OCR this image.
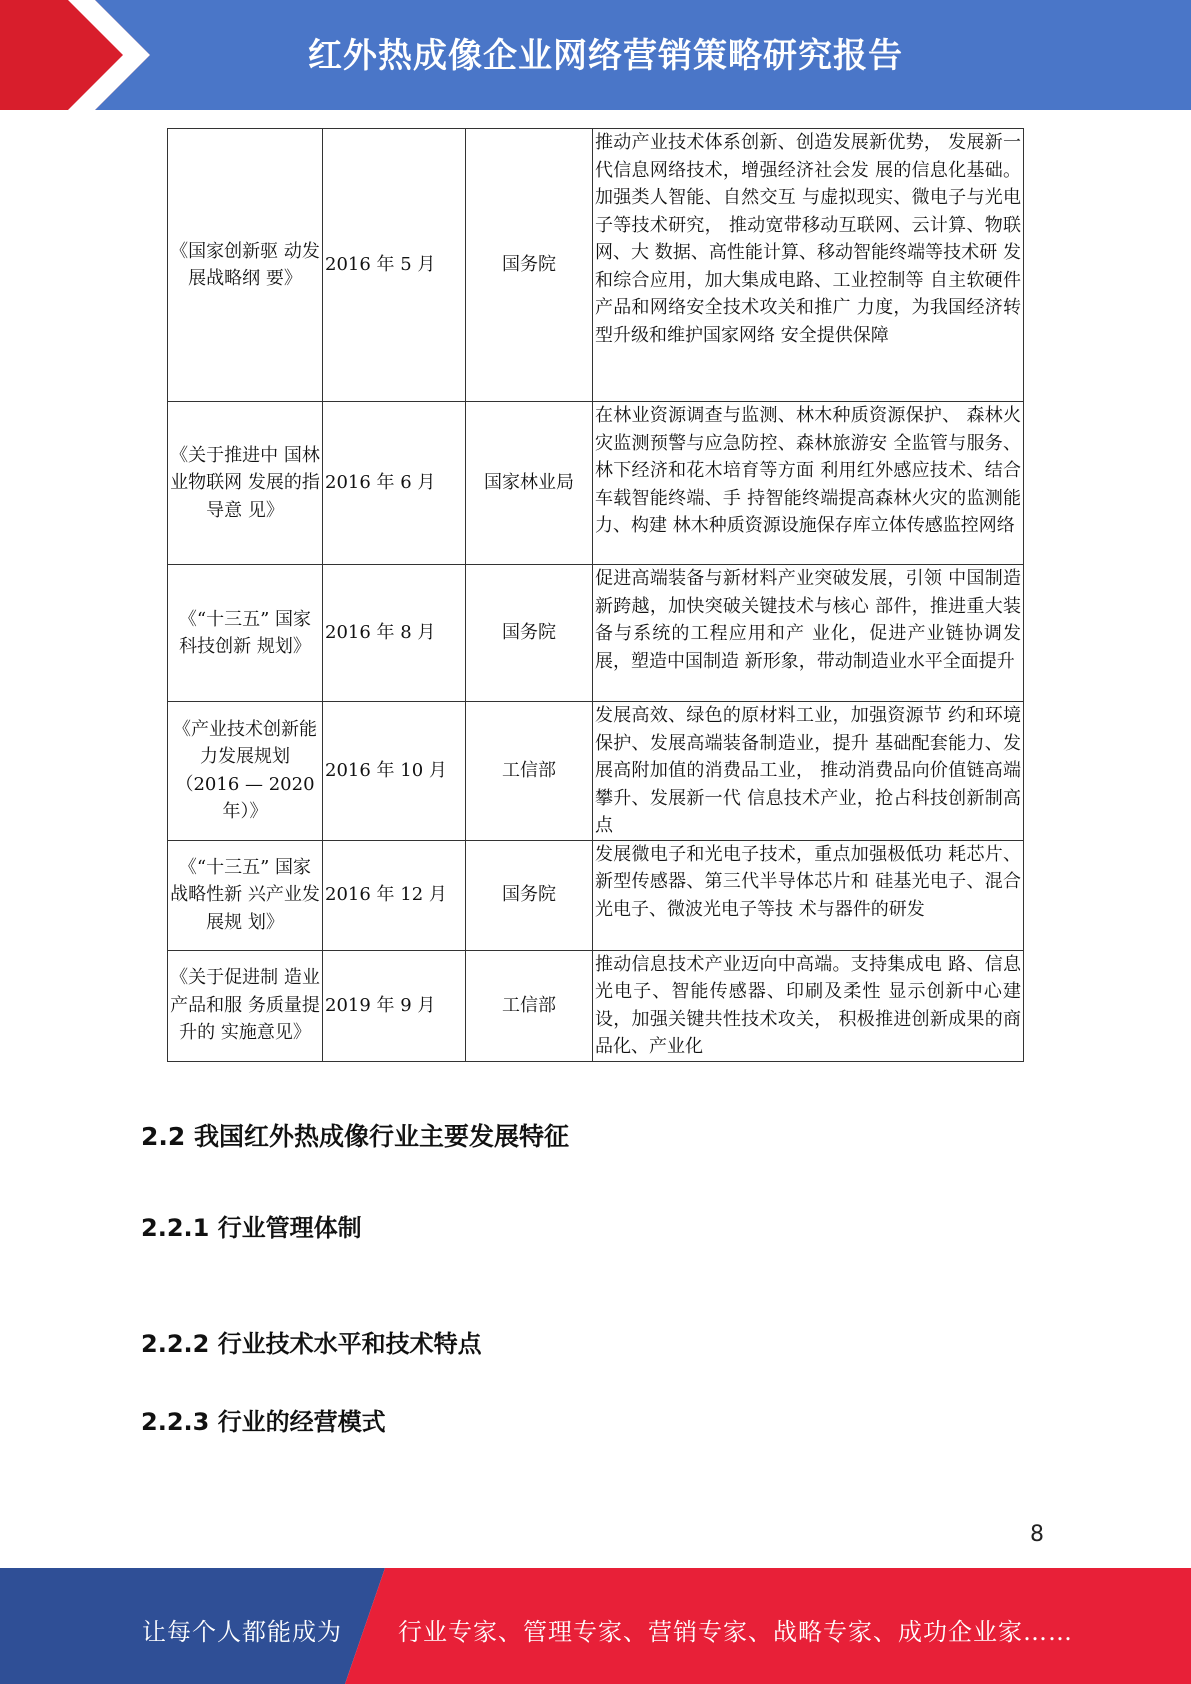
红外热成像企业网络营销策略研究报告
《国家创新驱 动发展战略纲 要》	2016 年 5 月	国务院	推动产业技术体系创新、创造发展新优势， 发展新一代信息网络技术，增强经济社会发 展的信息化基础。加强类人智能、自然交互 与虚拟现实、微电子与光电子等技术研究， 推动宽带移动互联网、云计算、物联网、大 数据、高性能计算、移动智能终端等技术研 发和综合应用，加大集成电路、工业控制等 自主软硬件产品和网络安全技术攻关和推广 力度，为我国经济转型升级和维护国家网络 安全提供保障
《关于推进中 国林业物联网 发展的指导意 见》	2016 年 6 月	国家林业局	在林业资源调查与监测、林木种质资源保护、 森林火灾监测预警与应急防控、森林旅游安 全监管与服务、林下经济和花木培育等方面 利用红外感应技术、结合车载智能终端、手 持智能终端提高森林火灾的监测能力、构建 林木种质资源设施保存库立体传感监控网络
《“十三五” 国家科技创新 规划》	2016 年 8 月	国务院	促进高端装备与新材料产业突破发展，引领 中国制造新跨越，加快突破关键技术与核心 部件，推进重大装备与系统的工程应用和产 业化，促进产业链协调发展，塑造中国制造 新形象，带动制造业水平全面提升
《产业技术创新能力发展规划（2016 — 2020 年）》	2016 年 10 月	工信部	发展高效、绿色的原材料工业，加强资源节 约和环境保护、发展高端装备制造业，提升 基础配套能力、发展高附加值的消费品工业， 推动消费品向价值链高端攀升、发展新一代 信息技术产业，抢占科技创新制高点
《“十三五” 国家战略性新 兴产业发展规 划》	2016 年 12 月	国务院	发展微电子和光电子技术，重点加强极低功 耗芯片、新型传感器、第三代半导体芯片和 硅基光电子、混合光电子、微波光电子等技 术与器件的研发
《关于促进制 造业产品和服 务质量提升的 实施意见》	2019 年 9 月	工信部	推动信息技术产业迈向中高端。支持集成电 路、信息光电子、智能传感器、印刷及柔性 显示创新中心建设，加强关键共性技术攻关， 积极推进创新成果的商品化、产业化
2.2 我国红外热成像行业主要发展特征
2.2.1 行业管理体制
2.2.2 行业技术水平和技术特点
2.2.3 行业的经营模式
8
让每个人都能成为 行业专家、管理专家、营销专家、战略专家、成功企业家……
